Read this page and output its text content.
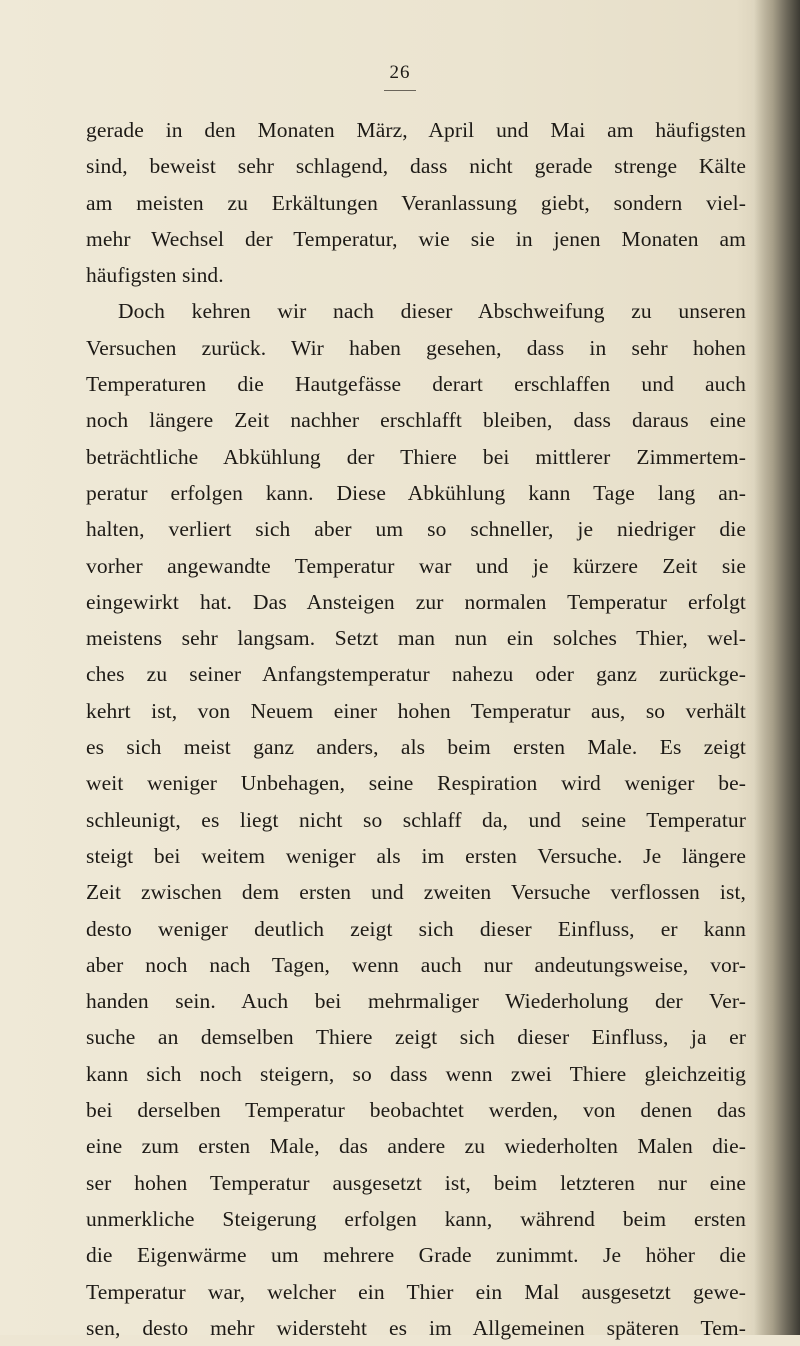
26
gerade in den Monaten März, April und Mai am häufigsten
sind, beweist sehr schlagend, dass nicht gerade strenge Kälte
am meisten zu Erkältungen Veranlassung giebt, sondern viel-
mehr Wechsel der Temperatur, wie sie in jenen Monaten am
häufigsten sind.
Doch kehren wir nach dieser Abschweifung zu unseren
Versuchen zurück. Wir haben gesehen, dass in sehr hohen
Temperaturen die Hautgefässe derart erschlaffen und auch
noch längere Zeit nachher erschlafft bleiben, dass daraus eine
beträchtliche Abkühlung der Thiere bei mittlerer Zimmertem-
peratur erfolgen kann. Diese Abkühlung kann Tage lang an-
halten, verliert sich aber um so schneller, je niedriger die
vorher angewandte Temperatur war und je kürzere Zeit sie
eingewirkt hat. Das Ansteigen zur normalen Temperatur erfolgt
meistens sehr langsam. Setzt man nun ein solches Thier, wel-
ches zu seiner Anfangstemperatur nahezu oder ganz zurückge-
kehrt ist, von Neuem einer hohen Temperatur aus, so verhält
es sich meist ganz anders, als beim ersten Male. Es zeigt
weit weniger Unbehagen, seine Respiration wird weniger be-
schleunigt, es liegt nicht so schlaff da, und seine Temperatur
steigt bei weitem weniger als im ersten Versuche. Je längere
Zeit zwischen dem ersten und zweiten Versuche verflossen ist,
desto weniger deutlich zeigt sich dieser Einfluss, er kann
aber noch nach Tagen, wenn auch nur andeutungsweise, vor-
handen sein. Auch bei mehrmaliger Wiederholung der Ver-
suche an demselben Thiere zeigt sich dieser Einfluss, ja er
kann sich noch steigern, so dass wenn zwei Thiere gleichzeitig
bei derselben Temperatur beobachtet werden, von denen das
eine zum ersten Male, das andere zu wiederholten Malen die-
ser hohen Temperatur ausgesetzt ist, beim letzteren nur eine
unmerkliche Steigerung erfolgen kann, während beim ersten
die Eigenwärme um mehrere Grade zunimmt. Je höher die
Temperatur war, welcher ein Thier ein Mal ausgesetzt gewe-
sen, desto mehr widersteht es im Allgemeinen späteren Tem-
